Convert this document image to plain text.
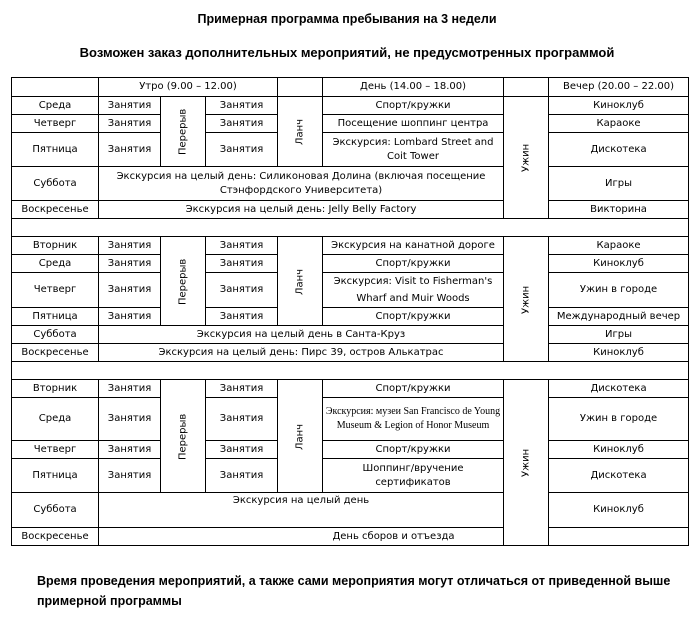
Примерная программа пребывания на 3 недели
Возможен заказ дополнительных мероприятий, не предусмотренных программой
	Утро (9.00 – 12.00)				День (14.00 – 18.00)		Вечер (20.00 – 22.00)
Среда	Занятия	Перерыв	Занятия	Ланч	Спорт/кружки	Ужин	Киноклуб
Четверг	Занятия		Занятия		Посещение шоппинг центра		Караоке
Пятница	Занятия		Занятия		Экскурсия: Lombard Street and Coit Tower		Дискотека
Суббота	Экскурсия на целый день: Силиконовая Долина (включая посещение Стэнфордского Университета)						Игры
Воскресенье	Экскурсия на целый день: Jelly Belly Factory						Викторина

Вторник	Занятия	Перерыв	Занятия	Ланч	Экскурсия на канатной дороге	Ужин	Караоке
Среда	Занятия		Занятия		Спорт/кружки		Киноклуб
Четверг	Занятия		Занятия		Экскурсия: Visit to Fisherman's Wharf and Muir Woods		Ужин в городе
Пятница	Занятия		Занятия		Спорт/кружки		Международный вечер
Суббота	Экскурсия на целый день в Санта-Круз						Игры
Воскресенье	Экскурсия на целый день: Пирс 39, остров Алькатрас						Киноклуб

Вторник	Занятия	Перерыв	Занятия	Ланч	Спорт/кружки	Ужин	Дискотека
Среда	Занятия		Занятия		Экскурсия: музеи San Francisco de Young Museum & Legion of Honor Museum		Ужин в городе
Четверг	Занятия		Занятия		Спорт/кружки		Киноклуб
Пятница	Занятия		Занятия		Шоппинг/вручение сертификатов		Дискотека
Суббота	Экскурсия на целый день						Киноклуб
Воскресенье	День сборов и отъезда						
Время проведения мероприятий, а также сами мероприятия могут отличаться от приведенной выше примерной программы
